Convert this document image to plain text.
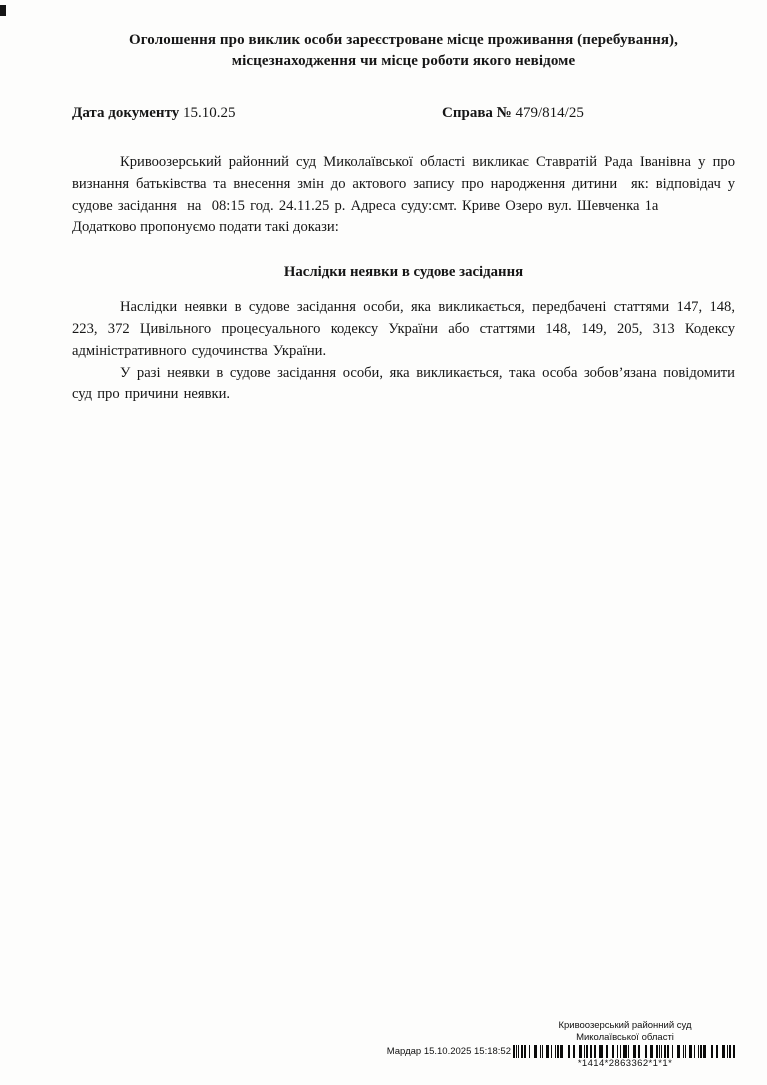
Оголошення про виклик особи зареєстроване місце проживання (перебування),
місцезнаходження чи місце роботи якого невідоме
Дата документу 15.10.25	Справа № 479/814/25

Кривоозерський районний суд Миколаївської області викликає Ставратій Рада Іванівна у про визнання батьківства та внесення змін до актового запису про народження дитини  як: відповідач у судове засідання  на  08:15 год. 24.11.25 р. Адреса суду:смт. Криве Озеро вул. Шевченка 1а

Додатково пропонуємо подати такі докази:

Наслідки неявки в судове засідання

Наслідки неявки в судове засідання особи, яка викликається, передбачені статтями 147, 148, 223, 372 Цивільного процесуального кодексу України або статтями 148, 149, 205, 313 Кодексу адміністративного судочинства України.

У разі неявки в судове засідання особи, яка викликається, така особа зобов’язана повідомити суд про причини неявки.

Мардар 15.10.2025 15:18:52
Кривоозерський районний суд
Миколаївської області
*1414*2863362*1*1*
